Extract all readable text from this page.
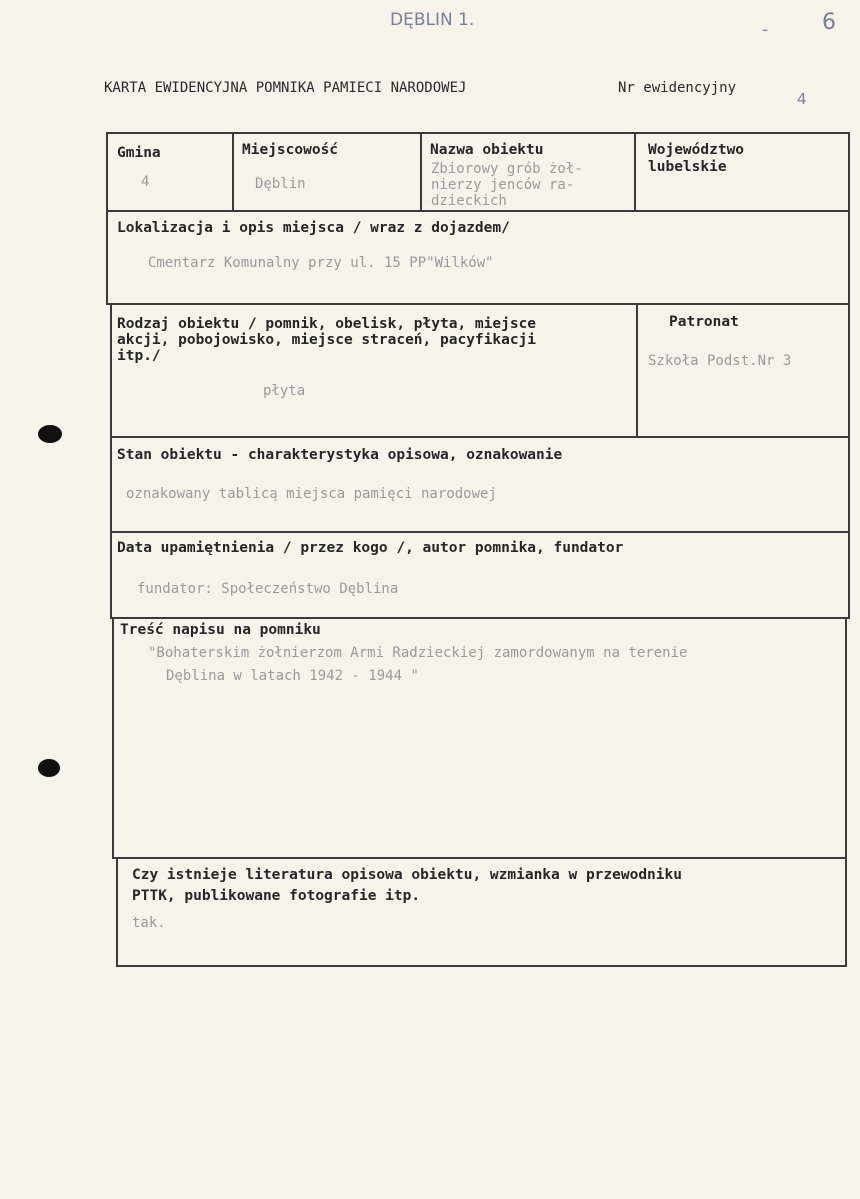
DĘBLIN 1.	- 6
4
KARTA EWIDENCYJNA POMNIKA PAMIECI NARODOWEJ	Nr ewidencyjny
Gmina
4
Miejscowość
Dęblin
Nazwa obiektu
Zbiorowy grób żoł-
nierzy jenców ra-
dzieckich
Województwo
lubelskie
Lokalizacja i opis miejsca / wraz z dojazdem/
Cmentarz Komunalny przy ul. 15 PP"Wilków"
Rodzaj obiektu / pomnik, obelisk, płyta, miejsce
akcji, pobojowisko, miejsce straceń, pacyfikacji
itp./
płyta
Patronat
Szkoła Podst.Nr 3
Stan obiektu - charakterystyka opisowa, oznakowanie
oznakowany tablicą miejsca pamięci narodowej
Data upamiętnienia / przez kogo /, autor pomnika, fundator
fundator: Społeczeństwo Dęblina
Treść napisu na pomniku
"Bohaterskim żołnierzom Armi Radzieckiej zamordowanym na terenie
Dęblina w latach 1942 - 1944 "
Czy istnieje literatura opisowa obiektu, wzmianka w przewodniku
PTTK, publikowane fotografie itp.
tak.
